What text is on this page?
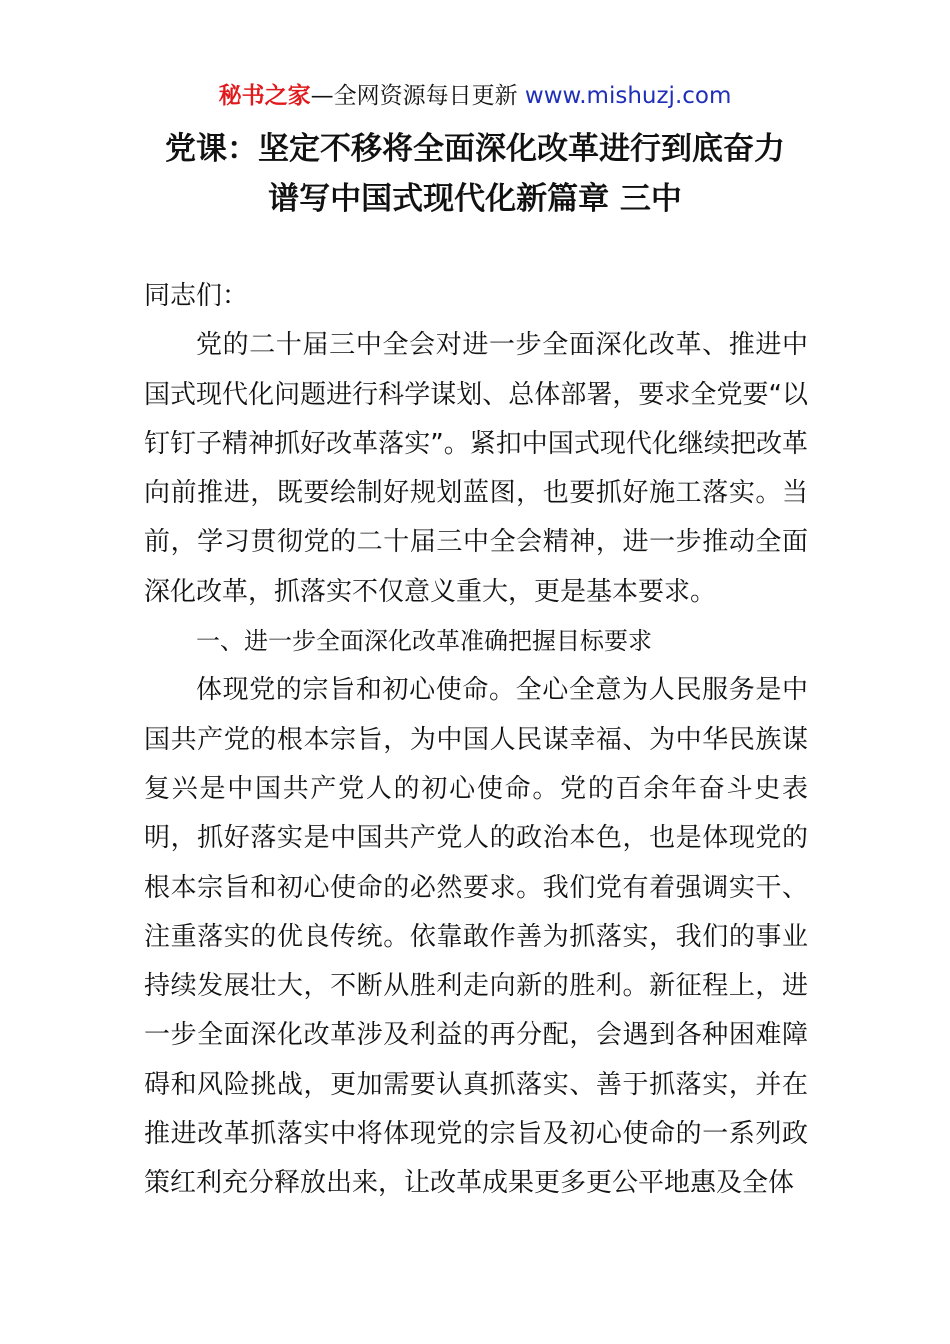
秘书之家—全网资源每日更新 www.mishuzj.com
党课：坚定不移将全面深化改革进行到底奋力
谱写中国式现代化新篇章 三中

同志们：

党的二十届三中全会对进一步全面深化改革、推进中国式现代化问题进行科学谋划、总体部署，要求全党要“以钉钉子精神抓好改革落实”。紧扣中国式现代化继续把改革向前推进，既要绘制好规划蓝图，也要抓好施工落实。当前，学习贯彻党的二十届三中全会精神，进一步推动全面深化改革，抓落实不仅意义重大，更是基本要求。

一、进一步全面深化改革准确把握目标要求

体现党的宗旨和初心使命。全心全意为人民服务是中国共产党的根本宗旨，为中国人民谋幸福、为中华民族谋复兴是中国共产党人的初心使命。党的百余年奋斗史表明，抓好落实是中国共产党人的政治本色，也是体现党的根本宗旨和初心使命的必然要求。我们党有着强调实干、注重落实的优良传统。依靠敢作善为抓落实，我们的事业持续发展壮大，不断从胜利走向新的胜利。新征程上，进一步全面深化改革涉及利益的再分配，会遇到各种困难障碍和风险挑战，更加需要认真抓落实、善于抓落实，并在推进改革抓落实中将体现党的宗旨及初心使命的一系列政策红利充分释放出来，让改革成果更多更公平地惠及全体
